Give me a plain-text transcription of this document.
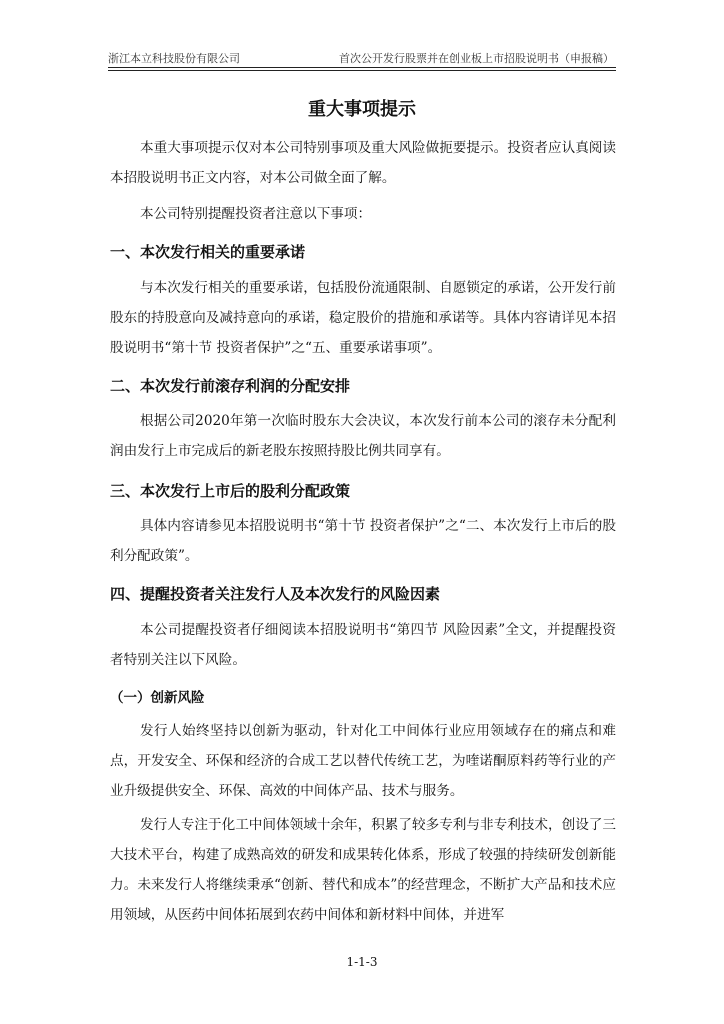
浙江本立科技股份有限公司	首次公开发行股票并在创业板上市招股说明书（申报稿）
重大事项提示

本重大事项提示仅对本公司特别事项及重大风险做扼要提示。投资者应认真阅读本招股说明书正文内容，对本公司做全面了解。

本公司特别提醒投资者注意以下事项：

一、本次发行相关的重要承诺

与本次发行相关的重要承诺，包括股份流通限制、自愿锁定的承诺，公开发行前股东的持股意向及减持意向的承诺，稳定股价的措施和承诺等。具体内容请详见本招股说明书“第十节 投资者保护”之“五、重要承诺事项”。

二、本次发行前滚存利润的分配安排

根据公司2020年第一次临时股东大会决议，本次发行前本公司的滚存未分配利润由发行上市完成后的新老股东按照持股比例共同享有。

三、本次发行上市后的股利分配政策

具体内容请参见本招股说明书“第十节 投资者保护”之“二、本次发行上市后的股利分配政策”。

四、提醒投资者关注发行人及本次发行的风险因素

本公司提醒投资者仔细阅读本招股说明书“第四节 风险因素”全文，并提醒投资者特别关注以下风险。

（一）创新风险

发行人始终坚持以创新为驱动，针对化工中间体行业应用领域存在的痛点和难点，开发安全、环保和经济的合成工艺以替代传统工艺，为喹诺酮原料药等行业的产业升级提供安全、环保、高效的中间体产品、技术与服务。

发行人专注于化工中间体领域十余年，积累了较多专利与非专利技术，创设了三大技术平台，构建了成熟高效的研发和成果转化体系，形成了较强的持续研发创新能力。未来发行人将继续秉承“创新、替代和成本”的经营理念，不断扩大产品和技术应用领域，从医药中间体拓展到农药中间体和新材料中间体，并进军

1-1-3
